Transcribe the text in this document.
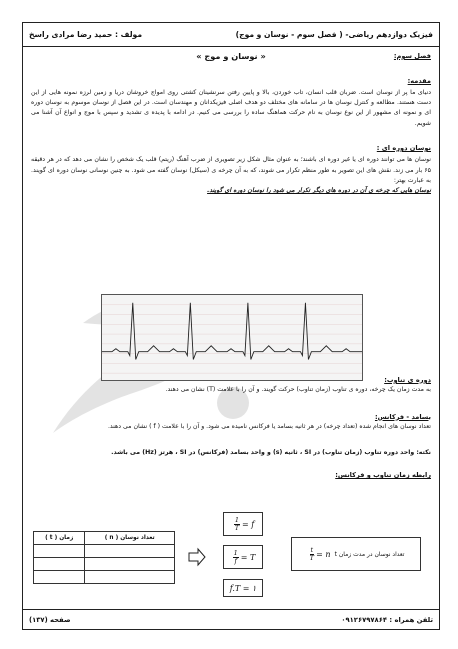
فیزیک دوازدهم ریاضی- ( فصل سوم - نوسان و موج)
مولف : حمید رضا مرادی راسخ
فصل سوم:
« نوسان و موج »
مقدمه:
دنیای ما پر از نوسان است. ضربان قلب انسان، تاب خوردن، بالا و پایین رفتن سرنشینان کشتی روی امواج خروشان دریا و زمین لرزه نمونه هایی از این دست هستند. مطالعه و کنترل نوسان ها در سامانه های مختلف دو هدف اصلی فیزیکدانان و مهندسان است. در این فصل از نوسان موسوم به نوسان دوره ای و نمونه ای مشهور از این نوع نوسان به نام حرکت هماهنگ ساده را بررسی می کنیم. در ادامه با پدیده ی تشدید و سپس با موج و انواع آن آشنا می شویم.
نوسان دوره ای :
نوسان ها می توانند دوره ای یا غیر دوره ای باشند؛ به عنوان مثال شکل زیر تصویری از ضرب آهنگ (ریتم) قلب یک شخص را نشان می دهد که در هر دقیقه ۶۵ بار می زند. نقش های این تصویر به طور منظم تکرار می شوند، که به آن چرخه ی (سیکل) نوسان گفته می شود. به چنین نوسانی نوسان دوره ای گویند. به عبارت بهتر:
نوسان هایی که چرخه ی آن در دوره های دیگر تکرار می شود را نوسان دوره ای گویند.
دوره ی تناوب:
به مدت زمان یک چرخه، دوره ی تناوب (زمان تناوب) حرکت گویند. و آن را با علامت (T) نشان می دهند.
بسامد - فرکانس:
تعداد نوسان های انجام شده (تعداد چرخه) در هر ثانیه بسامد یا فرکانس نامیده می شود. و آن را با علامت ( f ) نشان می دهند.
نکته: واحد دوره تناوب (زمان تناوب) در SI ، ثانیه (s) و واحد بسامد (فرکانس) در SI ، هرتز (Hz) می باشد.
رابطه زمان تناوب و فرکانس:
f =
$\frac{1}{T}$
T =
$\frac{1}{f}$
f.T = ۱
تعداد نوسان در مدت زمان t
n =
$\frac{t}{T}$
تعداد نوسان ( n )	زمان ( t )

تلفن همراه : ۰۹۱۲۶۷۹۷۸۶۴
صفحه (۱۳۷)
